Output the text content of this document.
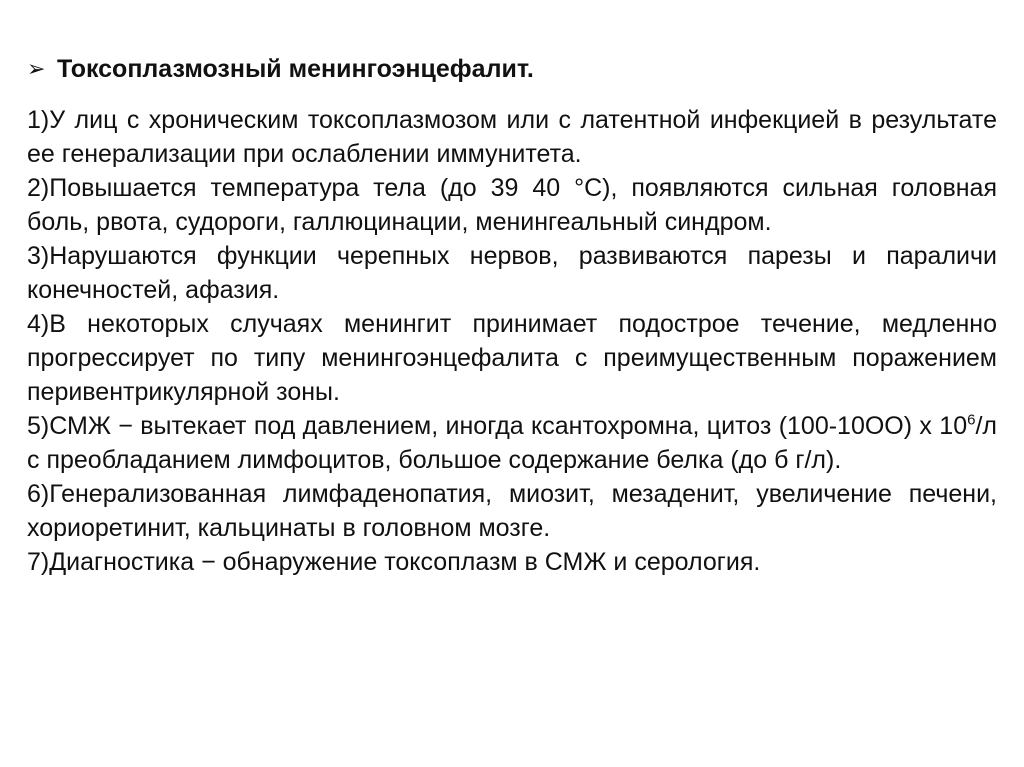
➢ Токсоплазмозный менингоэнцефалит.

1)У лиц с хроническим токсоплазмозом или с латентной инфекцией в результате ее генерализации при ослаблении иммунитета.

2)Повышается температура тела (до 39 40 °С), появляются сильная головная боль, рвота, судороги, галлюцинации, менингеальный синдром.

3)Нарушаются функции черепных нервов, развиваются парезы и параличи конечностей, афазия.

4)В некоторых случаях менингит принимает подострое течение, медленно прогрессирует по типу менингоэнцефалита с преимущественным поражением перивентрикулярной зоны.

5)СМЖ − вытекает под давлением, иногда ксантохромна, цитоз (100-10ОО) х $10^6/л$ с преобладанием лимфоцитов, большое содержание белка (до б г/л).

6)Генерализованная лимфаденопатия, миозит, мезаденит, увеличение печени, хориоретинит, кальцинаты в головном мозге.

7)Диагностика − обнаружение токсоплазм в СМЖ и серология.
